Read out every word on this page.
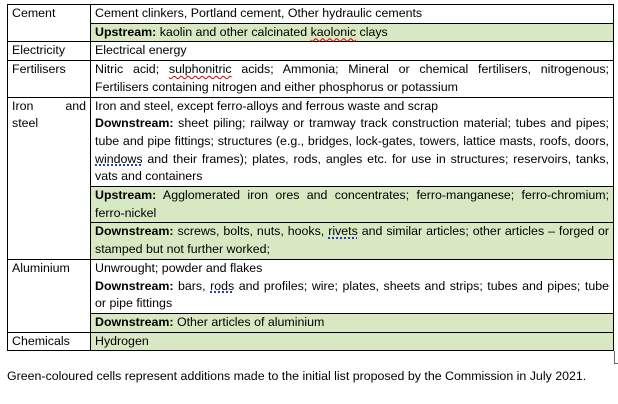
Cement	Cement clinkers, Portland cement, Other hydraulic cements
	Upstream: kaolin and other calcinated kaolonic clays
Electricity	Electrical energy
Fertilisers	Nitric acid; sulphonitric acids; Ammonia; Mineral or chemical fertilisers, nitrogenous; Fertilisers containing nitrogen and either phosphorus or potassium
Iron and steel	Iron and steel, except ferro-alloys and ferrous waste and scrap
Downstream: sheet piling; railway or tramway track construction material; tubes and pipes; tube and pipe fittings; structures (e.g., bridges, lock-gates, towers, lattice masts, roofs, doors, windows and their frames); plates, rods, angles etc. for use in structures; reservoirs, tanks, vats and containers

	Upstream: Agglomerated iron ores and concentrates; ferro-manganese; ferro-chromium; ferro-nickel
	Downstream: screws, bolts, nuts, hooks, rivets and similar articles; other articles – forged or stamped but not further worked;
Aluminium	Unwrought; powder and flakes
Downstream: bars, rods and profiles; wire; plates, sheets and strips; tubes and pipes; tube or pipe fittings

	Downstream: Other articles of aluminium
Chemicals	Hydrogen
Green-coloured cells represent additions made to the initial list proposed by the Commission in July 2021.
